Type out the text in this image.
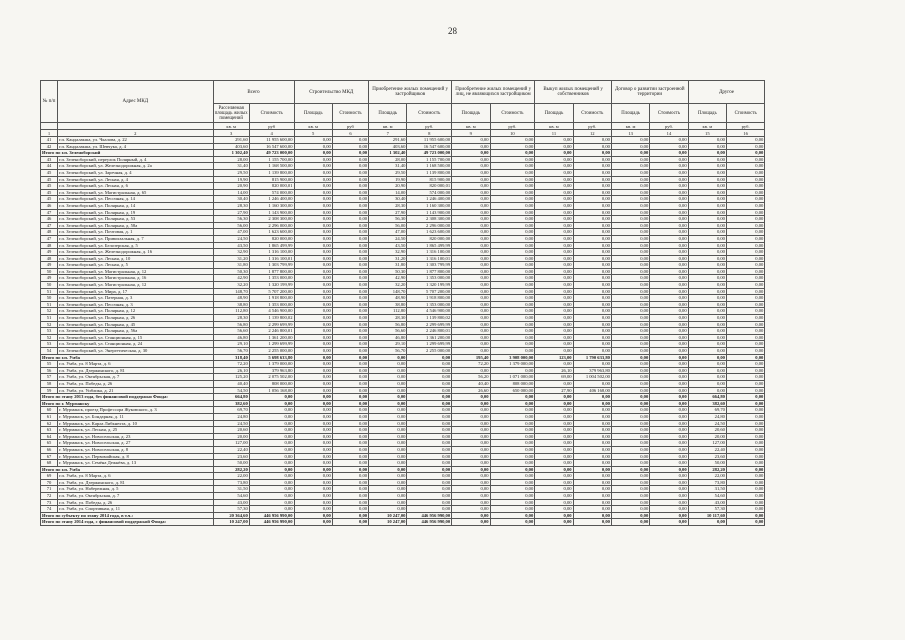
28
№ п/п	Адрес МКД	Всего		Строительство МКД		Приобретение жилых помещений у застройщиков		Приобретение жилых помещений у лиц, не являющихся застройщиком		Выкуп жилых помещений у собственников		Договор о развитии застроенной территории		Другое	
		Расселяемая площадь жилых помещений	Стоимость	Площадь	Стоимость	Площадь	Стоимость	Площадь	Стоимость	Площадь	Стоимость	Площадь	Стоимость	Площадь	Стоимость
		кв. м	руб	кв. м	руб	кв. м	руб.	кв. м	руб.	кв. м	руб.	кв. м	руб.	кв. м	руб.
1	2	3	4	5	6	7	8	9	10	11	12	13	14	15	16
41	г.п. Кандалакша, ул. Чкалова, д. 22	291,60	11 955 600,00	0,00	0,00	291,60	11 955 600,00	0,00	0,00	0,00	0,00	0,00	0,00	0,00	0,00
42	г.п. Кандалакша, ул. Шевчука, д. 4	403,60	16 547 600,00	0,00	0,00	403,60	16 547 600,00	0,00	0,00	0,00	0,00	0,00	0,00	0,00	0,00
Итого по г.п. Зеленоборский		1 302,40	49 723 000,00	0,00	0,00	1 302,40	49 723 000,00	0,00	0,00	0,00	0,00	0,00	0,00	0,00	0,00
43	г.п. Зеленоборский, переулок Полярный, д. 4	28,00	1 155 700,00	0,00	0,00	28,00	1 155 700,00	0,00	0,00	0,00	0,00	0,00	0,00	0,00	0,00
44	г.п. Зеленоборский, ул. Железнодорожная, д. 2а	31,40	1 168 500,00	0,00	0,00	31,40	1 168 500,00	0,00	0,00	0,00	0,00	0,00	0,00	0,00	0,00
45	г.п. Зеленоборский, ул. Заречная, д. 4	29,50	1 139 800,00	0,00	0,00	29,50	1 139 800,00	0,00	0,00	0,00	0,00	0,00	0,00	0,00	0,00
45	г.п. Зеленоборский, ул. Лесная, д. 4	19,90	815 900,00	0,00	0,00	19,90	815 900,00	0,00	0,00	0,00	0,00	0,00	0,00	0,00	0,00
45	г.п. Зеленоборский, ул. Лесная, д. 6	20,90	820 000,01	0,00	0,00	20,90	820 000,01	0,00	0,00	0,00	0,00	0,00	0,00	0,00	0,00
45	г.п. Зеленоборский, ул. Магистральная, д. 65	14,00	574 000,00	0,00	0,00	14,00	574 000,00	0,00	0,00	0,00	0,00	0,00	0,00	0,00	0,00
45	г.п. Зеленоборский, ул. Песочная, д. 14	30,40	1 246 400,00	0,00	0,00	30,40	1 246 400,00	0,00	0,00	0,00	0,00	0,00	0,00	0,00	0,00
46	г.п. Зеленоборский, ул. Полярная, д. 14	28,30	1 160 300,00	0,00	0,00	28,30	1 160 300,00	0,00	0,00	0,00	0,00	0,00	0,00	0,00	0,00
47	г.п. Зеленоборский, ул. Полярная, д. 19	27,90	1 143 900,00	0,00	0,00	27,90	1 143 900,00	0,00	0,00	0,00	0,00	0,00	0,00	0,00	0,00
46	г.п. Зеленоборский, ул. Полярная, д. 53	56,30	2 308 300,00	0,00	0,00	56,30	2 308 300,00	0,00	0,00	0,00	0,00	0,00	0,00	0,00	0,00
47	г.п. Зеленоборский, ул. Полярная, д. 58а	56,00	2 296 000,00	0,00	0,00	56,00	2 296 000,00	0,00	0,00	0,00	0,00	0,00	0,00	0,00	0,00
48	г.п. Зеленоборский, ул. Почтовая, д. 1	47,00	1 623 600,00	0,00	0,00	47,00	1 623 600,00	0,00	0,00	0,00	0,00	0,00	0,00	0,00	0,00
47	г.п. Зеленоборский, ул. Привокзальная, д. 7	24,50	820 000,00	0,00	0,00	24,50	820 000,00	0,00	0,00	0,00	0,00	0,00	0,00	0,00	0,00
48	г.п. Зеленоборский, ул. Белозерская, д. 5	43,50	1 865 499,99	0,00	0,00	43,50	1 865 499,99	0,00	0,00	0,00	0,00	0,00	0,00	0,00	0,00
49	г.п. Зеленоборский, ул. Железнодорожная, д. 16	32,90	1 316 100,00	0,00	0,00	32,90	1 316 100,00	0,00	0,00	0,00	0,00	0,00	0,00	0,00	0,00
48	г.п. Зеленоборский, ул. Лесная, д. 10	31,20	1 316 100,01	0,00	0,00	31,20	1 316 100,01	0,00	0,00	0,00	0,00	0,00	0,00	0,00	0,00
49	г.п. Зеленоборский, ул. Лесная, д. 5	31,80	1 303 799,99	0,00	0,00	31,80	1 303 799,99	0,00	0,00	0,00	0,00	0,00	0,00	0,00	0,00
50	г.п. Зеленоборский, ул. Магистральная, д. 12	50,30	1 877 800,00	0,00	0,00	50,30	1 877 800,00	0,00	0,00	0,00	0,00	0,00	0,00	0,00	0,00
49	г.п. Зеленоборский, ул. Магистральная, д. 16	42,90	1 353 000,00	0,00	0,00	42,90	1 353 000,00	0,00	0,00	0,00	0,00	0,00	0,00	0,00	0,00
50	г.п. Зеленоборский, ул. Магистральная, д. 12	32,20	1 320 199,99	0,00	0,00	32,20	1 320 199,99	0,00	0,00	0,00	0,00	0,00	0,00	0,00	0,00
51	г.п. Зеленоборский, ул. Мира, д. 17	148,70	5 707 200,00	0,00	0,00	148,70	5 707 200,00	0,00	0,00	0,00	0,00	0,00	0,00	0,00	0,00
50	г.п. Зеленоборский, ул. Патерная, д. 3	48,90	1 918 800,00	0,00	0,00	48,90	1 918 800,00	0,00	0,00	0,00	0,00	0,00	0,00	0,00	0,00
51	г.п. Зеленоборский, ул. Песочная, д. 3	38,80	1 353 000,00	0,00	0,00	38,80	1 353 000,00	0,00	0,00	0,00	0,00	0,00	0,00	0,00	0,00
52	г.п. Зеленоборский, ул. Полярная, д. 12	112,80	4 546 900,00	0,00	0,00	112,80	4 546 900,00	0,00	0,00	0,00	0,00	0,00	0,00	0,00	0,00
51	г.п. Зеленоборский, ул. Полярная, д. 26	28,30	1 139 800,02	0,00	0,00	28,30	1 139 800,02	0,00	0,00	0,00	0,00	0,00	0,00	0,00	0,00
52	г.п. Зеленоборский, ул. Полярная, д. 45	56,80	2 299 699,99	0,00	0,00	56,80	2 299 699,99	0,00	0,00	0,00	0,00	0,00	0,00	0,00	0,00
53	г.п. Зеленоборский, ул. Полярная, д. 56а	56,60	2 246 800,01	0,00	0,00	56,60	2 246 800,01	0,00	0,00	0,00	0,00	0,00	0,00	0,00	0,00
52	г.п. Зеленоборский, ул. Станционная, д. 15	46,80	1 361 200,00	0,00	0,00	46,80	1 361 200,00	0,00	0,00	0,00	0,00	0,00	0,00	0,00	0,00
53	г.п. Зеленоборский, ул. Станционная, д. 24	29,10	1 299 699,99	0,00	0,00	29,10	1 299 699,99	0,00	0,00	0,00	0,00	0,00	0,00	0,00	0,00
54	г.п. Зеленоборский, ул. Энергетическая, д. 30	56,70	2 255 000,00	0,00	0,00	56,70	2 255 000,00	0,00	0,00	0,00	0,00	0,00	0,00	0,00	0,00
Итого по г.п. Умба		318,40	5 698 633,80	0,00	0,00	0,00	0,00	195,40	3 908 000,00	123,00	1 790 633,80	0,00	0,00	0,00	0,00
55	г.п. Умба, ул. 8 Марта, д. 6	72,20	1 379 000,00	0,00	0,00	0,00	0,00	72,20	1 379 000,00	0,00	0,00	0,00	0,00	0,00	0,00
56	г.п. Умба, ул. Дзержинского, д. 81	26,10	379 963,80	0,00	0,00	0,00	0,00	0,00	0,00	26,10	379 963,80	0,00	0,00	0,00	0,00
57	г.п. Умба, ул. Октябрьская, д. 7	125,20	2 075 502,00	0,00	0,00	0,00	0,00	56,20	1 071 000,00	69,00	1 004 502,00	0,00	0,00	0,00	0,00
58	г.п. Умба, ул. Победы, д. 26	40,40	808 000,00	0,00	0,00	0,00	0,00	40,40	808 000,00	0,00	0,00	0,00	0,00	0,00	0,00
59	г.п. Умба, ул. Уиблика, д. 21	54,50	1 056 168,00	0,00	0,00	0,00	0,00	26,60	650 000,00	27,90	406 168,00	0,00	0,00	0,00	0,00
Итого по этапу 2013 года, без финансовой поддержки Фонда:		664,80	0,00	0,00	0,00	0,00	0,00	0,00	0,00	0,00	0,00	0,00	0,00	664,80	0,00
Итого по г. Мурманску		382,60	0,00	0,00	0,00	0,00	0,00	0,00	0,00	0,00	0,00	0,00	0,00	382,60	0,00
60	г. Мурманск, проезд Профессора Жуковского, д. 3	69,70	0,00	0,00	0,00	0,00	0,00	0,00	0,00	0,00	0,00	0,00	0,00	69,70	0,00
61	г. Мурманск, ул. Бондарная, д. 11	24,80	0,00	0,00	0,00	0,00	0,00	0,00	0,00	0,00	0,00	0,00	0,00	24,80	0,00
62	г. Мурманск, ул. Карла Либкнехта, д. 10	24,50	0,00	0,00	0,00	0,00	0,00	0,00	0,00	0,00	0,00	0,00	0,00	24,50	0,00
63	г. Мурманск, ул. Лесная, д. 25	20,60	0,00	0,00	0,00	0,00	0,00	0,00	0,00	0,00	0,00	0,00	0,00	20,60	0,00
64	г. Мурманск, ул. Новосельская, д. 23	20,00	0,00	0,00	0,00	0,00	0,00	0,00	0,00	0,00	0,00	0,00	0,00	20,00	0,00
65	г. Мурманск, ул. Новосельская, д. 27	127,00	0,00	0,00	0,00	0,00	0,00	0,00	0,00	0,00	0,00	0,00	0,00	127,00	0,00
66	г. Мурманск, ул. Новосельская, д. 8	22,40	0,00	0,00	0,00	0,00	0,00	0,00	0,00	0,00	0,00	0,00	0,00	22,40	0,00
67	г. Мурманск, ул. Первомайская, д. 8	23,60	0,00	0,00	0,00	0,00	0,00	0,00	0,00	0,00	0,00	0,00	0,00	23,60	0,00
68	г. Мурманск, ул. Семёна Дежнёва, д. 13	50,00	0,00	0,00	0,00	0,00	0,00	0,00	0,00	0,00	0,00	0,00	0,00	50,00	0,00
Итого по г.п. Умба		282,20	0,00	0,00	0,00	0,00	0,00	0,00	0,00	0,00	0,00	0,00	0,00	282,20	0,00
69	г.п. Умба, ул. 8 Марта, д. 6	22,00	0,00	0,00	0,00	0,00	0,00	0,00	0,00	0,00	0,00	0,00	0,00	22,00	0,00
70	г.п. Умба, ул. Дзержинского, д. 81	73,80	0,00	0,00	0,00	0,00	0,00	0,00	0,00	0,00	0,00	0,00	0,00	73,80	0,00
71	г.п. Умба, ул. Набережная, д. 5	31,50	0,00	0,00	0,00	0,00	0,00	0,00	0,00	0,00	0,00	0,00	0,00	31,50	0,00
72	г.п. Умба, ул. Октябрьская, д. 7	54,60	0,00	0,00	0,00	0,00	0,00	0,00	0,00	0,00	0,00	0,00	0,00	54,60	0,00
73	г.п. Умба, ул. Победы, д. 26	43,00	0,00	0,00	0,00	0,00	0,00	0,00	0,00	0,00	0,00	0,00	0,00	43,00	0,00
74	г.п. Умба, ул. Спортивная, д. 11	57,30	0,00	0,00	0,00	0,00	0,00	0,00	0,00	0,00	0,00	0,00	0,00	57,30	0,00
Итого по субъекту по этапу 2014 года, в т.ч.:		20 364,60	446 956 990,00	0,00	0,00	10 247,00	446 956 990,00	0,00	0,00	0,00	0,00	0,00	0,00	10 117,60	0,00
Итого по этапу 2014 года, с финансовой поддержкой Фонда:		10 247,00	446 956 990,00	0,00	0,00	10 247,00	446 956 990,00	0,00	0,00	0,00	0,00	0,00	0,00	0,00	0,00
